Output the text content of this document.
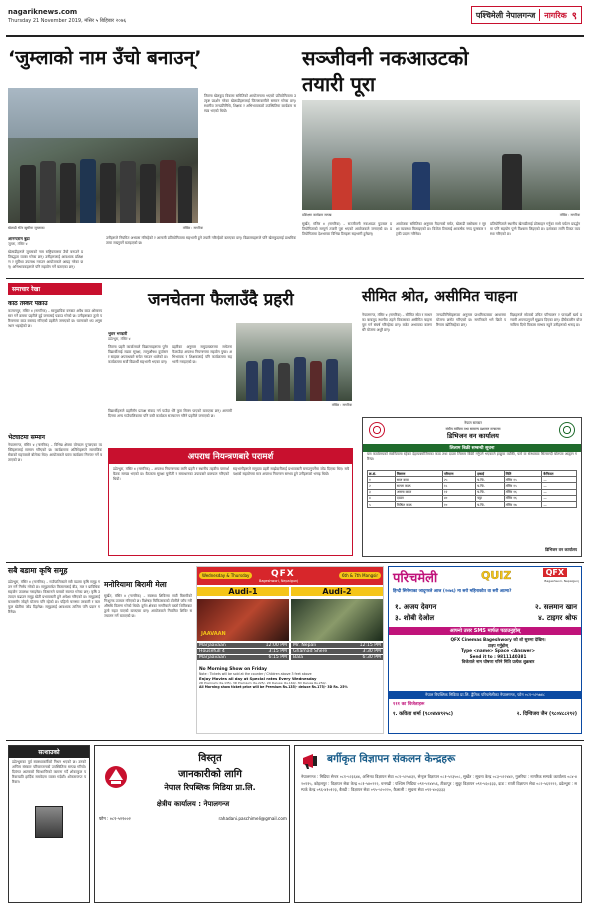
nagariknews.com
Thursday 21 November 2019, मंसिर ५ बिहिबार २०७६
पश्चिमेली नेपालगन्ज नागरिक ९
‘जुम्लाको नाम उँचो बनाउन्’
खेलाडी भेटेर खुसीमा जुम्लाका	तस्बिर : नागरिक
जिल्ला खेलकुद विकास समितिको आयोजनामा भएको प्रतियोगितामा उत्कृष्ट प्रदर्शन गरेका खेलाडीहरूलाई जिल्लावासीले सम्मान गरेका छन्। स्थानीय जनप्रतिनिधि, शिक्षक र अभिभावकको उपस्थितिमा कार्यक्रम सम्पन्न भएको थियो।
आनन्दराम बुढा
जुम्ला, मंसिर ४
खेलाडीहरूले जुम्लाको नाम राष्ट्रियस्तरमा उँचो बनाउने प्रतिबद्धता व्यक्त गरेका छन्। उनीहरूलाई आवश्यक प्रशिक्षण र सुविधा उपलब्ध गराउन आयोजकले आग्रह गरेका छन्। अभिभावकहरूले पनि सहयोग गर्ने बताएका छन्।
उनीहरूले नियमित अभ्यास गरिरहेको र आगामी प्रतियोगितामा सहभागी हुने तयारी गरिरहेको बताएका छन्। विद्यालयहरूले पनि खेलकुदलाई प्राथमिकतामा राख्नुपर्ने बताइएको छ।
सञ्जीवनी नकआउटको
तयारी पूरा
प्रशिक्षण कार्यक्रम सम्पन्न	तस्बिर : नागरिक
सुर्खेत, मंसिर ४ (नागरिक) – सञ्जीवनी नकआउट फुटबल प्रतियोगिताको सम्पूर्ण तयारी पूरा भएको आयोजकले जनाएको छ। प्रतियोगितामा देशभरका विभिन्न टिमहरू सहभागी हुनेछन्।
आयोजक समितिका अनुसार मैदानको मर्मत, खेलाडी बसोबास र सुरक्षा व्यवस्था मिलाइएको छ। विजेता टिमलाई आकर्षक नगद पुरस्कार र ट्रफी प्रदान गरिनेछ।
प्रतियोगिताले स्थानीय खेलाडीलाई प्रोत्साहन गर्नुका साथै पर्यटन प्रवर्द्धनमा पनि सहयोग पुग्ने विश्वास लिइएको छ। दर्शकका लागि टिकट व्यवस्था गरिएको छ।
समाचार रेखा
काठ तस्कर पक्राउ
कञ्चनपुर, मंसिर ४ (नागरिक) – सामुदायिक वनबाट अवैध काठ ओसारपसार गर्ने क्रममा प्रहरीले दुई जनालाई पक्राउ गरेको छ। उनीहरूबाट ठूलो परिमाणमा काठ बरामद गरिएको प्रहरीले जनाएको छ। घटनाबारे थप अनुसन्धान भइरहेको छ।
भेटघाटमा सम्मान
नेपालगन्ज, मंसिर ४ (नागरिक) – विभिन्न क्षेत्रमा योगदान पुर्‍याएका व्यक्तिहरूलाई सम्मान गरिएको छ। कार्यक्रममा अतिथिहरूले सामाजिक सेवाको महत्त्वबारे बोलेका थिए। आयोजकले यस्ता कार्यक्रम निरन्तर गर्ने बताएको छ।
जनचेतना फैलाउँदै प्रहरी
भुवन भण्डारी
डडेल्धुरा, मंसिर ४
जिल्ला प्रहरी कार्यालयले विद्यालयहरूमा पुगेर विद्यार्थीलाई सडक सुरक्षा, लागूऔषध दुर्व्यसन र साइबर अपराधबारे सचेत गराउन थालेको छ। कार्यक्रममा सयौं विद्यार्थी सहभागी भएका छन्।
प्रहरीका अनुसार समुदायस्तरमा सचेतना फैलाउँदा अपराध नियन्त्रणमा सहयोग पुग्छ। अभिभावक र शिक्षकलाई पनि कार्यक्रममा सहभागी गराइएको छ।
तस्बिर : नागरिक
विद्यार्थीहरूले प्रहरीसँग प्रत्यक्ष संवाद गर्न पाउँदा धेरै कुरा सिक्न पाएको बताएका छन्। आगामी दिनमा अन्य गाउँपालिकामा पनि यस्तै कार्यक्रम सञ्चालन गरिने प्रहरीले जनाएको छ।
अपराध नियन्त्रणबारे परामर्श
डडेल्धुरा, मंसिर ४ (नागरिक) – अपराध नियन्त्रणका लागि प्रहरी र स्थानीय तहबीच परामर्श बैठक सम्पन्न भएको छ। बैठकमा सुरक्षा चुनौती र समाधानका उपायबारे छलफल गरिएको थियो।
सहभागीहरूले समुदाय प्रहरी साझेदारीलाई प्रभावकारी बनाउनुपर्नेमा जोड दिएका थिए। सबै पक्षको सहयोगमा मात्र अपराध नियन्त्रण सम्भव हुने उनीहरूको भनाइ थियो।
सीमित श्रोत, असीमित चाहना
नेपालगन्ज, मंसिर ४ (नागरिक) – सीमित स्रोत र साधनका बाबजुद स्थानीय तहले विकासका असीमित चाहना पूरा गर्न संघर्ष गरिरहेका छन्। बजेट अभावका कारण धेरै योजना अधुरै छन्।
जनप्रतिनिधिहरूका अनुसार प्राथमिकताका आधारमा योजना छनोट गरिएको छ। नागरिकले भने छिटो परिणाम खोजिरहेका छन्।
विज्ञहरूले स्रोतको उचित परिचालन र पारदर्शी खर्च प्रणाली अपनाउनुपर्ने सुझाव दिएका छन्। दीर्घकालीन योजनाबिना दिगो विकास सम्भव नहुने उनीहरूको भनाइ छ।
नेपाल सरकार
संघीय मामिला तथा सामान्य प्रशासन मन्त्रालय
डिभिजन वन कार्यालय
लिलाम बिक्री सम्बन्धी सूचना
यस कार्यालयको स्वामित्वमा रहेका देहायबमोजिमका काठ तथा दाउरा लिलाम बिक्री गर्नुपर्ने भएकाले इच्छुक व्यक्ति, फर्म वा संस्थाबाट सिलबन्दी बोलपत्र आह्वान गरिन्छ।
क्र.सं.	विवरण	परिमाण	इकाई	मिति	कैफियत
१	साल काठ	२५	घ.फि.	मंसिर १५	—
२	सल्ला काठ	१८	घ.फि.	मंसिर १५	—
३	असना काठ	१२	घ.फि.	मंसिर १६	—
४	दाउरा	४०	चट्टा	मंसिर १६	—
५	मिश्रित काठ	१०	घ.फि.	मंसिर १७	—
डिभिजन वन कार्यालय
सबै बडामा कृषि समूह
डडेल्धुरा, मंसिर ४ (नागरिक) – गाउँपालिकाले सबै वडामा कृषि समूह गठन गर्ने निर्णय गरेको छ। समूहमार्फत किसानलाई बीउ, मल र प्राविधिक सहयोग उपलब्ध गराइनेछ। किसानले यसको स्वागत गरेका छन्। कृषि उत्पादन बढाउन समूह खेती प्रभावकारी हुने अपेक्षा गरिएको छ। समूहलाई बजारसँग जोड्ने योजना पनि रहेको छ। पहिलो चरणमा तरकारी र फलफूल खेतीमा जोड दिइनेछ। समूहलाई आवश्यक तालिम पनि प्रदान गरिनेछ।
मनोरियामा बिरामी मेला
सुर्खेत, मंसिर ४ (नागरिक) – स्वास्थ्य शिविरमा सयौं बिरामीको निःशुल्क उपचार गरिएको छ। विशेषज्ञ चिकित्सकको टोलीले जाँच गरी औषधि वितरण गरेको थियो। दुर्गम क्षेत्रका नागरिकले यस्तो शिविरबाट ठूलो राहत पाएको बताएका छन्। आयोजकले नियमित शिविर सञ्चालन गर्ने बताएको छ।
QFX
Bageshwori, Nepalgunj
Wednesday & Thursday	6th & 7th Mangsir
Audi-1	Audi-2
JAAVAAN
Marjaavaan	12:00 PM
Housefull 4	3:15 PM
Marjaavaan	6:15 PM
Mr. Nepali	12:15 PM
Ghamad Shere	3:30 PM
Bala	6:30 PM
No Morning Show on Friday
Note : Tickets will be sold at the counter / Children above 3 feet above
Enjoy Movies all day at Special rates Every Wednesday
2D Premium: Rs.135/- 3D Premium: Rs.225/- 2D Deluxe: Rs.160/- 3D Deluxe Rs.250/-
All Morning show ticket price will be Premium Rs.135/- deluxe Rs.175/- 3D Rs. 25%
परिचमेली	QUIZ	QFX
Bageshwori, Nepalgunj
हिन्दी सिनेमाका जादूगरले आज (२०७६) मा सरो महिनाकोत वा सरी आत्मा?
१. अजय देवगन	२. सलमान खान
३. शोबी देओल	४. टाइगर श्रोफ
आफ्नो उत्तर SMS मार्फत पठाउनुहोस्
QFX Cinemas Bageshwory को शो सुरुमा देखिन।
टाइप गर्नुहोस्
Type <name> Space <Answer>
Send it to : 9811140381
विजेताले नाम घोषणा गरिने मिति प्रत्येक शुक्रबार
नेपाल रिपब्लिक मिडिया प्रा.लि. द्वैतिक परिचमेलीका नेपालगन्ज, फोन ०८१-५२५७४८
१११ का विजेताहरू
१. कविता शर्मा (९८०४४४९२५८)	२. दिग्विजय जैन (९८०४८८२९२)
सत्शाउको
डडेल्धुराका पूर्व स्वास्थ्यकर्मीको निधन भएको छ। उनको अन्तिम संस्कार परिवारजनको उपस्थितिमा सम्पन्न गरियो। दिवंगत आत्माको चिरशान्तिको कामना गर्दै शोकाकुल परिवारप्रति हार्दिक समवेदना व्यक्त गर्दछौं। शोकसन्तप्त परिवार।
विस्तृत
जानकारीको लागि
नेपाल रिपब्लिक मिडिया प्रा.लि.
क्षेत्रीय कार्यालय : नेपालगन्ज
फोन : ०८१-५२१००२	rahadani.paschimeli@gmail.com
बर्गीकृत विज्ञापन संकलन केन्द्रहरू
नेपालगन्ज : मिडिया सेन्टर ०८१-५२३६४४, अभिनव विज्ञापन सेवा ०८१-५२५४३२, सेन्ट्रल विज्ञापन ०८१-५२३५०८, सुर्खेत : सूचना केन्द्र ०८३-५२२४४२, गुलरिया : नागरिक सम्पर्क कार्यालय ०८४-४२०११५, कोहलपुर : विज्ञापन सेवा केन्द्र ०८१-५४०२२२, धनगढी : पश्चिम मिडिया ०९१-५२४४५६, टीकापुर : सुदूर विज्ञापन ०९१-५६०३३३, दाङ : राप्ती विज्ञापन सेवा ०८२-५६१२२२, डडेल्धुरा : सम्पर्क केन्द्र ०९६-४१०१२३, बैतडी : विज्ञापन सेवा ०९५-५२०२२०, कैलाली : सूचना सेवा ०९१-४०३३३३
